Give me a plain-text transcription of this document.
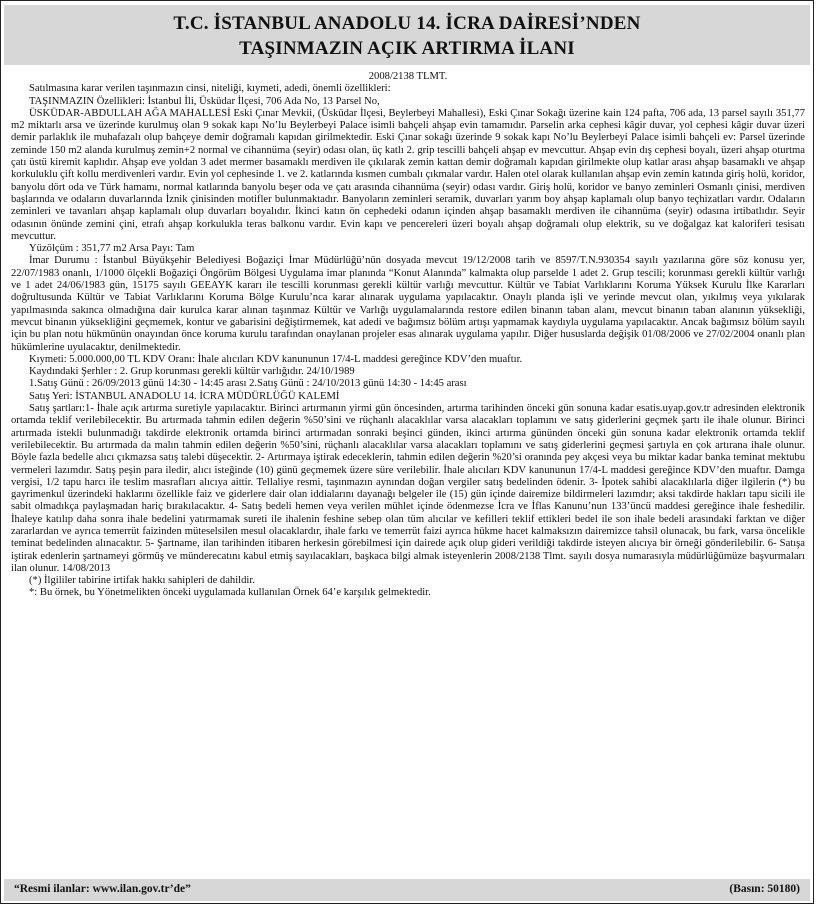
T.C. İSTANBUL ANADOLU 14. İCRA DAİRESİ’NDEN
TAŞINMAZIN AÇIK ARTIRMA İLANI

2008/2138 TLMT.

Satılmasına karar verilen taşınmazın cinsi, niteliği, kıymeti, adedi, önemli özellikleri:

TAŞINMAZIN Özellikleri: İstanbul İli, Üsküdar İlçesi, 706 Ada No, 13 Parsel No,

ÜSKÜDAR-ABDULLAH AĞA MAHALLESİ Eski Çınar Mevkii, (Üsküdar İlçesi, Beylerbeyi Mahallesi), Eski Çınar Sokağı üzerine kain 124 pafta, 706 ada, 13 parsel sayılı 351,77 m2 miktarlı arsa ve üzerinde kurulmuş olan 9 sokak kapı No’lu Beylerbeyi Palace isimli bahçeli ahşap evin tamamıdır. Parselin arka cephesi kâgir duvar, yol cephesi kâgir duvar üzeri demir parlaklık ile muhafazalı olup bahçeye demir doğramalı kapıdan girilmektedir. Eski Çınar sokağı üzerinde 9 sokak kapı No’lu Beylerbeyi Palace isimli bahçeli ev: Parsel üzerinde zeminde 150 m2 alanda kurulmuş zemin+2 normal ve cihannüma (seyir) odası olan, üç katlı 2. grip tescilli bahçeli ahşap ev mevcuttur. Ahşap evin dış cephesi boyalı, üzeri ahşap oturtma çatı üstü kiremit kaplıdır. Ahşap eve yoldan 3 adet mermer basamaklı merdiven ile çıkılarak zemin kattan demir doğramalı kapıdan girilmekte olup katlar arası ahşap basamaklı ve ahşap korkuluklu çift kollu merdivenleri vardır. Evin yol cephesinde 1. ve 2. katlarında kısmen cumbalı çıkmalar vardır. Halen otel olarak kullanılan ahşap evin zemin katında giriş holü, koridor, banyolu dört oda ve Türk hamamı, normal katlarında banyolu beşer oda ve çatı arasında cihannüma (seyir) odası vardır. Giriş holü, koridor ve banyo zeminleri Osmanlı çinisi, merdiven başlarında ve odaların duvarlarında İznik çinisinden motifler bulunmaktadır. Banyoların zeminleri seramik, duvarları yarım boy ahşap kaplamalı olup banyo teçhizatları vardır. Odaların zeminleri ve tavanları ahşap kaplamalı olup duvarları boyalıdır. İkinci katın ön cephedeki odanın içinden ahşap basamaklı merdiven ile cihannüma (seyir) odasına irtibatlıdır. Seyir odasının önünde zemini çini, etrafı ahşap korkulukla teras balkonu vardır. Evin kapı ve pencereleri üzeri boyalı ahşap doğramalı olup elektrik, su ve doğalgaz kat kaloriferi tesisatı mevcuttur.

Yüzölçüm : 351,77 m2 Arsa Payı: Tam

İmar Durumu : İstanbul Büyükşehir Belediyesi Boğaziçi İmar Müdürlüğü’nün dosyada mevcut 19/12/2008 tarih ve 8597/T.N.930354 sayılı yazılarına göre söz konusu yer, 22/07/1983 onanlı, 1/1000 ölçekli Boğaziçi Öngörüm Bölgesi Uygulama imar planında “Konut Alanında” kalmakta olup parselde 1 adet 2. Grup tescili; korunması gerekli kültür varlığı ve 1 adet 24/06/1983 gün, 15175 sayılı GEEAYK kararı ile tescilli korunması gerekli kültür varlığı mevcuttur. Kültür ve Tabiat Varlıklarını Koruma Yüksek Kurulu İlke Kararları doğrultusunda Kültür ve Tabiat Varlıklarını Koruma Bölge Kurulu’nca karar alınarak uygulama yapılacaktır. Onaylı planda işli ve yerinde mevcut olan, yıkılmış veya yıkılarak yapılmasında sakınca olmadığına dair kurulca karar alınan taşınmaz Kültür ve Varlığı uygulamalarında restore edilen binanın taban alanı, mevcut binanın taban alanının yüksekliği, mevcut binanın yüksekliğini geçmemek, kontur ve gabarisini değiştirmemek, kat adedi ve bağımsız bölüm artışı yapmamak kaydıyla uygulama yapılacaktır. Ancak bağımsız bölüm sayılı için bu plan notu hükmünün onayından önce koruma kurulu tarafından onaylanan projeler esas alınarak uygulama yapılır. Diğer hususlarda değişik 01/08/2006 ve 27/02/2004 onanlı plan hükümlerine uyulacaktır, denilmektedir.

Kıymeti: 5.000.000,00 TL KDV Oranı: İhale alıcıları KDV kanununun 17/4-L maddesi gereğince KDV’den muaftır.

Kaydındaki Şerhler : 2. Grup korunması gerekli kültür varlığıdır. 24/10/1989

1.Satış Günü : 26/09/2013 günü 14:30 - 14:45 arası 2.Satış Günü : 24/10/2013 günü 14:30 - 14:45 arası

Satış Yeri: İSTANBUL ANADOLU 14. İCRA MÜDÜRLÜĞÜ KALEMİ

Satış şartları:1- İhale açık artırma suretiyle yapılacaktır. Birinci artırmanın yirmi gün öncesinden, artırma tarihinden önceki gün sonuna kadar esatis.uyap.gov.tr adresinden elektronik ortamda teklif verilebilecektir. Bu artırmada tahmin edilen değerin %50’sini ve rüçhanlı alacaklılar varsa alacakları toplamını ve satış giderlerini geçmek şartı ile ihale olunur. Birinci artırmada istekli bulunmadığı takdirde elektronik ortamda birinci artırmadan sonraki beşinci günden, ikinci artırma gününden önceki gün sonuna kadar elektronik ortamda teklif verilebilecektir. Bu artırmada da malın tahmin edilen değerin %50’sini, rüçhanlı alacaklılar varsa alacakları toplamını ve satış giderlerini geçmesi şartıyla en çok artırana ihale olunur. Böyle fazla bedelle alıcı çıkmazsa satış talebi düşecektir. 2- Artırmaya iştirak edeceklerin, tahmin edilen değerin %20’si oranında pey akçesi veya bu miktar kadar banka teminat mektubu vermeleri lazımdır. Satış peşin para iledir, alıcı isteğinde (10) günü geçmemek üzere süre verilebilir. İhale alıcıları KDV kanununun 17/4-L maddesi gereğince KDV’den muaftır. Damga vergisi, 1/2 tapu harcı ile teslim masrafları alıcıya aittir. Tellaliye resmi, taşınmazın aynından doğan vergiler satış bedelinden ödenir. 3- İpotek sahibi alacaklılarla diğer ilgilerin (*) bu gayrimenkul üzerindeki haklarını özellikle faiz ve giderlere dair olan iddialarını dayanağı belgeler ile (15) gün içinde dairemize bildirmeleri lazımdır; aksi takdirde hakları tapu sicili ile sabit olmadıkça paylaşmadan hariç bırakılacaktır. 4- Satış bedeli hemen veya verilen mühlet içinde ödenmezse İcra ve İflas Kanunu’nun 133’üncü maddesi gereğince ihale feshedilir. İhaleye katılıp daha sonra ihale bedelini yatırmamak sureti ile ihalenin feshine sebep olan tüm alıcılar ve kefilleri teklif ettikleri bedel ile son ihale bedeli arasındaki farktan ve diğer zararlardan ve ayrıca temerrüt faizinden müteselsilen mesul olacaklardır, ihale farkı ve temerrüt faizi ayrıca hükme hacet kalmaksızın dairemizce tahsil olunacak, bu fark, varsa öncelikle teminat bedelinden alınacaktır. 5- Şartname, ilan tarihinden itibaren herkesin görebilmesi için dairede açık olup gideri verildiği takdirde isteyen alıcıya bir örneği gönderilebilir. 6- Satışa iştirak edenlerin şartnameyi görmüş ve münderecatını kabul etmiş sayılacakları, başkaca bilgi almak isteyenlerin 2008/2138 Tlmt. sayılı dosya numarasıyla müdürlüğümüze başvurmaları ilan olunur. 14/08/2013

(*) İlgililer tabirine irtifak hakkı sahipleri de dahildir.

*: Bu örnek, bu Yönetmelikten önceki uygulamada kullanılan Örnek 64’e karşılık gelmektedir.

“Resmi ilanlar: www.ilan.gov.tr’de”	(Basın: 50180)
